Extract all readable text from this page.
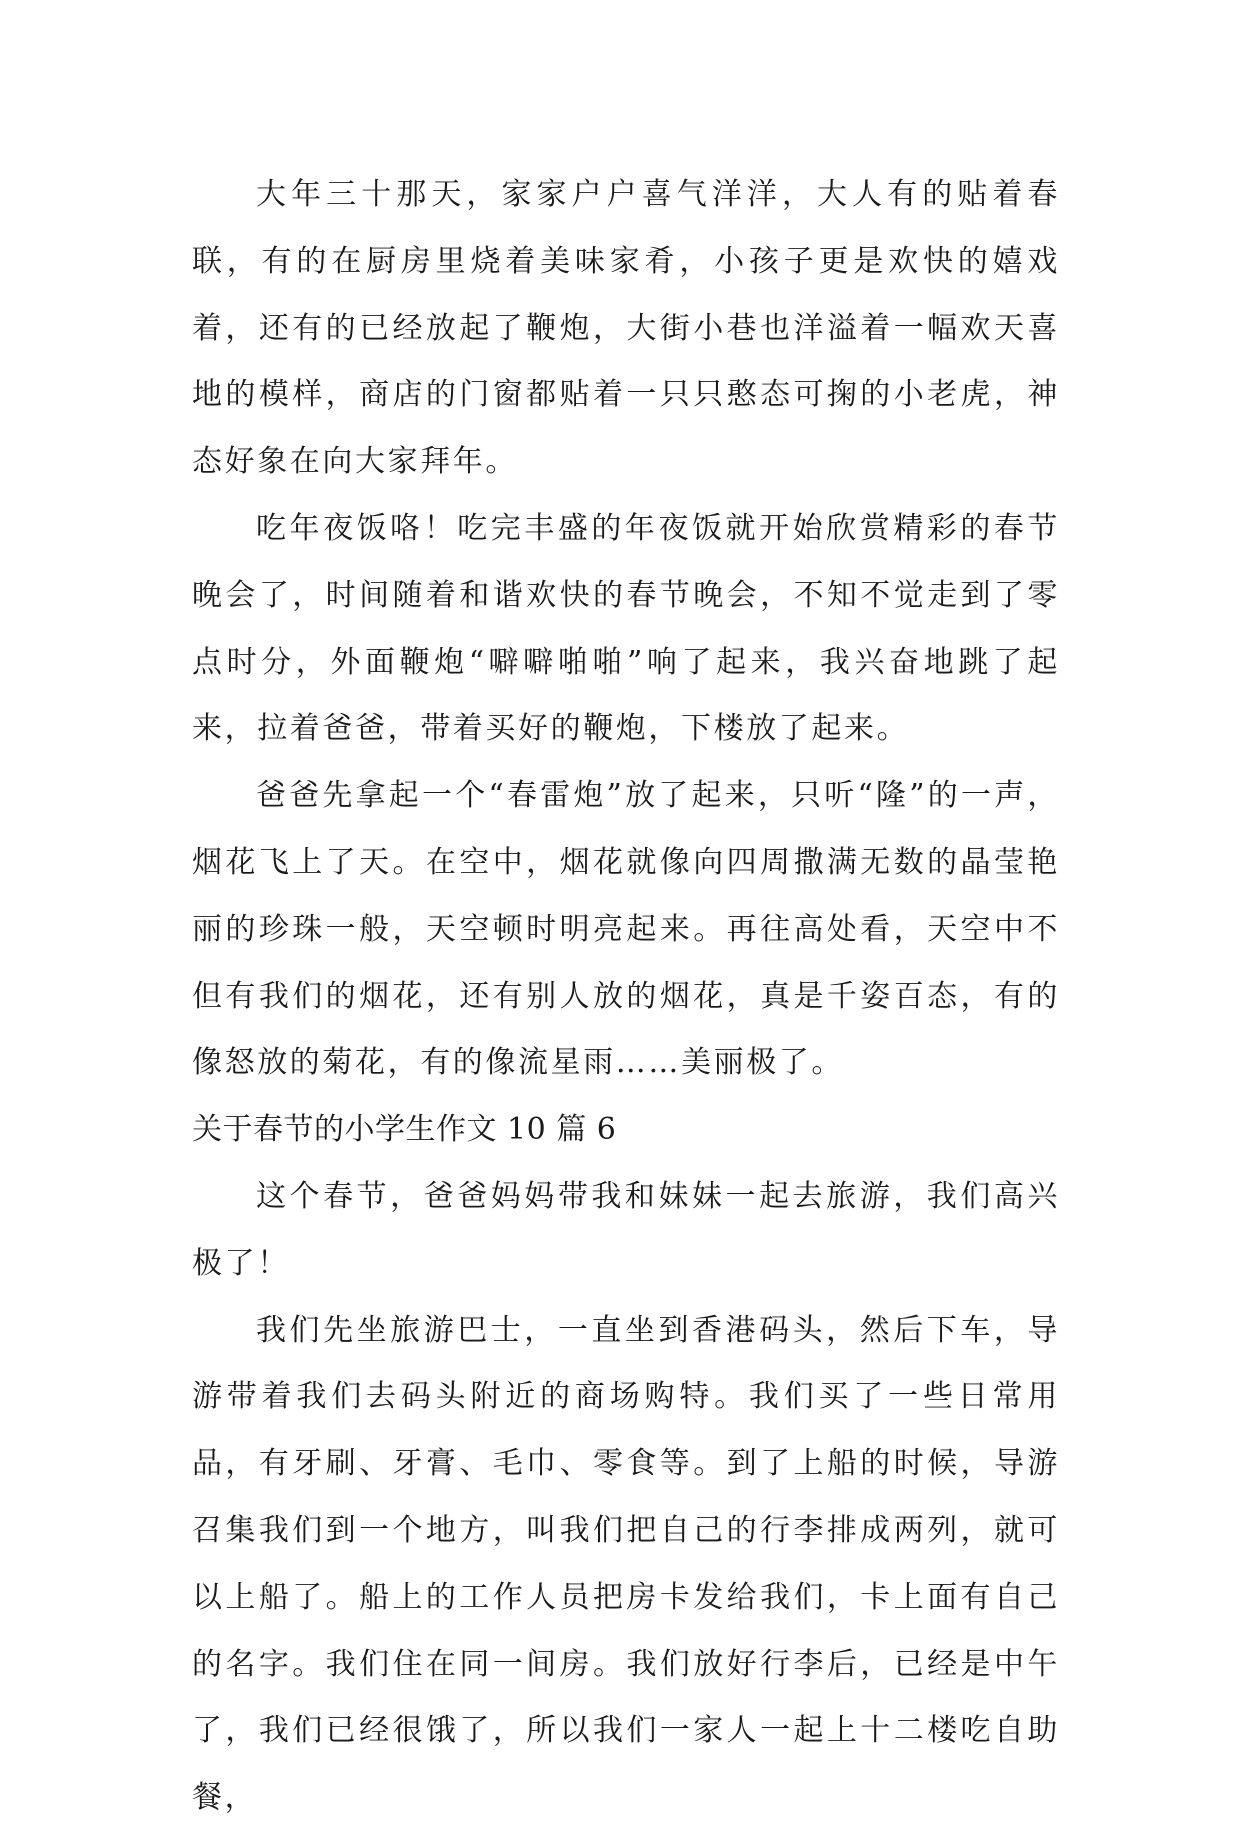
大年三十那天，家家户户喜气洋洋，大人有的贴着春联，有的在厨房里烧着美味家肴，小孩子更是欢快的嬉戏着，还有的已经放起了鞭炮，大街小巷也洋溢着一幅欢天喜地的模样，商店的门窗都贴着一只只憨态可掬的小老虎，神态好象在向大家拜年。

吃年夜饭咯！吃完丰盛的年夜饭就开始欣赏精彩的春节晚会了，时间随着和谐欢快的春节晚会，不知不觉走到了零点时分，外面鞭炮“噼噼啪啪”响了起来，我兴奋地跳了起来，拉着爸爸，带着买好的鞭炮，下楼放了起来。

爸爸先拿起一个“春雷炮”放了起来，只听“隆”的一声，烟花飞上了天。在空中，烟花就像向四周撒满无数的晶莹艳丽的珍珠一般，天空顿时明亮起来。再往高处看，天空中不但有我们的烟花，还有别人放的烟花，真是千姿百态，有的像怒放的菊花，有的像流星雨……美丽极了。

关于春节的小学生作文 10 篇 6

这个春节，爸爸妈妈带我和妹妹一起去旅游，我们高兴极了！

我们先坐旅游巴士，一直坐到香港码头，然后下车，导游带着我们去码头附近的商场购特。我们买了一些日常用品，有牙刷、牙膏、毛巾、零食等。到了上船的时候，导游召集我们到一个地方，叫我们把自己的行李排成两列，就可以上船了。船上的工作人员把房卡发给我们，卡上面有自己的名字。我们住在同一间房。我们放好行李后，已经是中午了，我们已经很饿了，所以我们一家人一起上十二楼吃自助餐，
